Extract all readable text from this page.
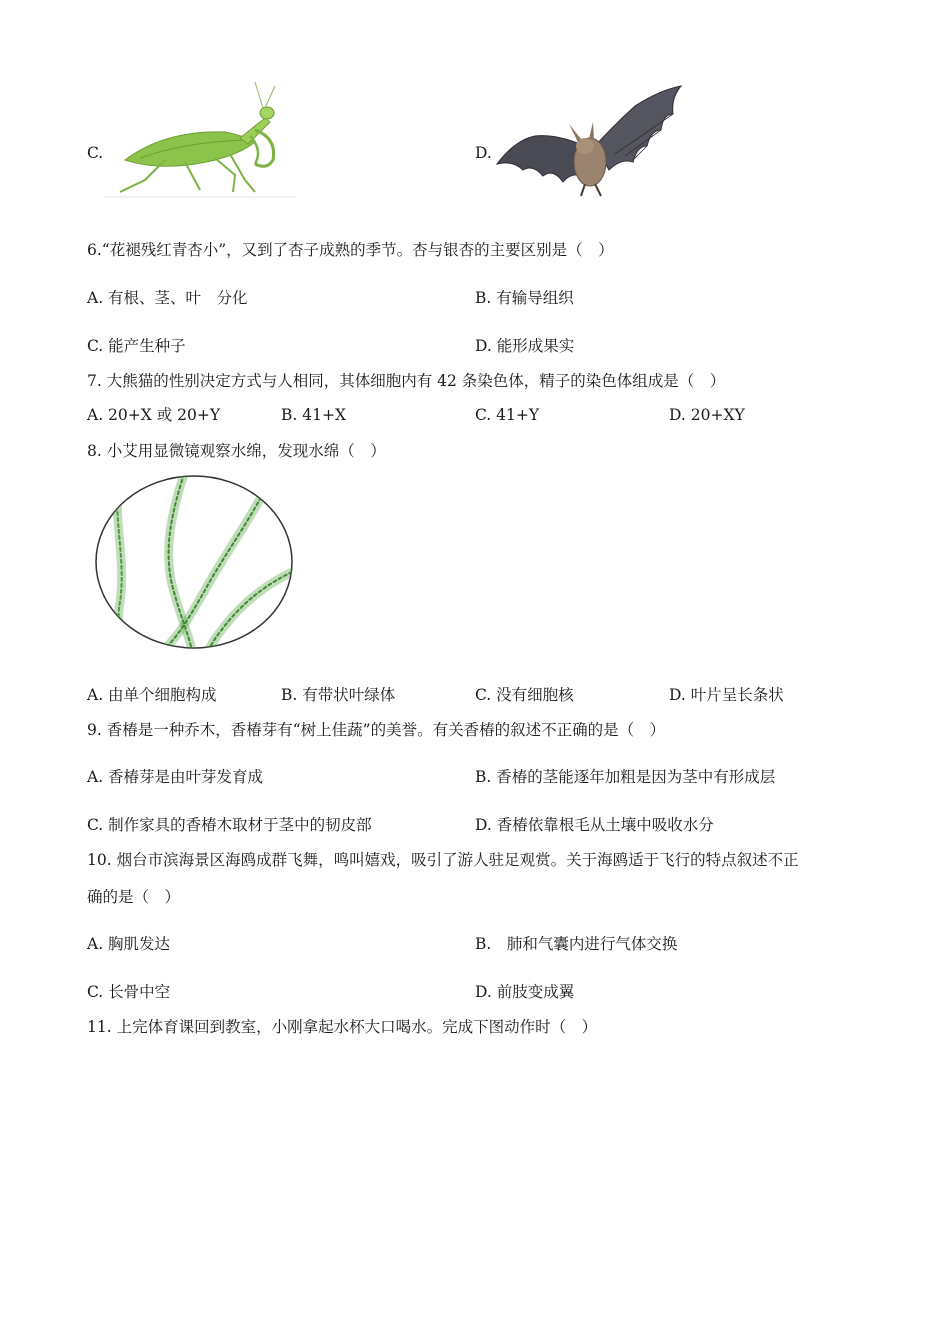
C.	D.
6.“花褪残红青杏小”，又到了杏子成熟的季节。杏与银杏的主要区别是（　）
A. 有根、茎、叶　分化	B. 有输导组织
C. 能产生种子	D. 能形成果实
7. 大熊猫的性别决定方式与人相同，其体细胞内有 42 条染色体，精子的染色体组成是（　）
A. 20+X 或 20+Y	B. 41+X	C. 41+Y	D. 20+XY
8. 小艾用显微镜观察水绵，发现水绵（　）
A. 由单个细胞构成	B. 有带状叶绿体	C. 没有细胞核	D. 叶片呈长条状
9. 香椿是一种乔木，香椿芽有“树上佳蔬”的美誉。有关香椿的叙述不正确的是（　）
A. 香椿芽是由叶芽发育成	B. 香椿的茎能逐年加粗是因为茎中有形成层
C. 制作家具的香椿木取材于茎中的韧皮部	D. 香椿依靠根毛从土壤中吸收水分
10. 烟台市滨海景区海鸥成群飞舞，鸣叫嬉戏，吸引了游人驻足观赏。关于海鸥适于飞行的特点叙述不正
确的是（　）
A. 胸肌发达	B.　肺和气囊内进行气体交换
C. 长骨中空	D. 前肢变成翼
11. 上完体育课回到教室，小刚拿起水杯大口喝水。完成下图动作时（　）
